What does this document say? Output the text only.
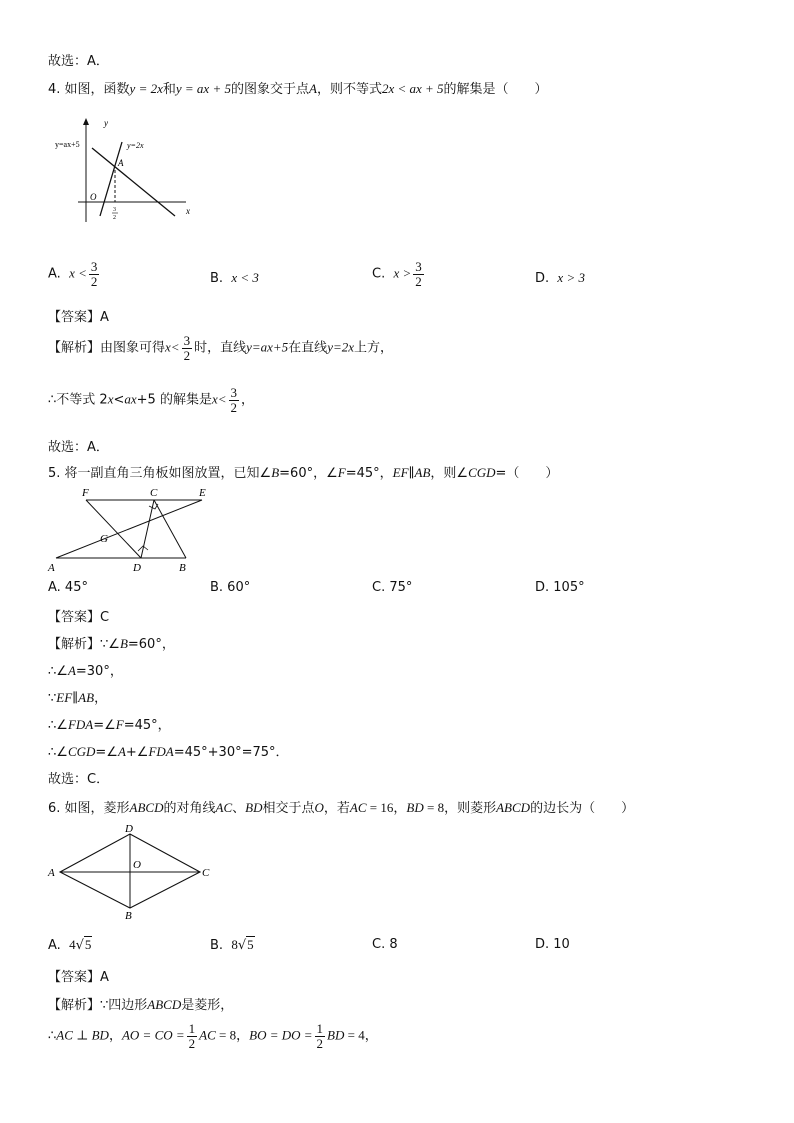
故选：A．
4. 如图，函数y = 2x和y = ax + 5的图象交于点A，则不等式2x < ax + 5的解集是（　　）
y=ax+5	y=2x
y
x
O
A
3
2
A. $x < \frac{3}{2}$	B. x < 3	C. $x > \frac{3}{2}$	D. x > 3
【答案】A
【解析】由图象可得$x< \frac{3}{2}$ 时，直线y=ax+5在直线y=2x上方，
∴不等式 2x<ax+5 的解集是$x< \frac{3}{2}$ ，
故选：A．
5. 将一副直角三角板如图放置，已知∠B=60°，∠F=45°，EF∥AB，则∠CGD=（　　）
F	C	E
G
A	D	B
A. 45°	B. 60°	C. 75°	D. 105°
【答案】C
【解析】∵∠B=60°，
∴∠A=30°，
∵EF∥AB，
∴∠FDA=∠F=45°，
∴∠CGD=∠A+∠FDA=45°+30°=75°．
故选：C．
6. 如图，菱形ABCD的对角线AC、BD相交于点O，若AC = 16，BD = 8，则菱形ABCD的边长为（　　）
A
D
C
B
O
A. 4√5	B. 8√5	C. 8	D. 10
【答案】A
【解析】∵四边形ABCD是菱形，
∴AC ⊥ BD，AO = CO = $\frac{1}{2}$ AC = 8，BO = DO = $\frac{1}{2}$ BD = 4，
